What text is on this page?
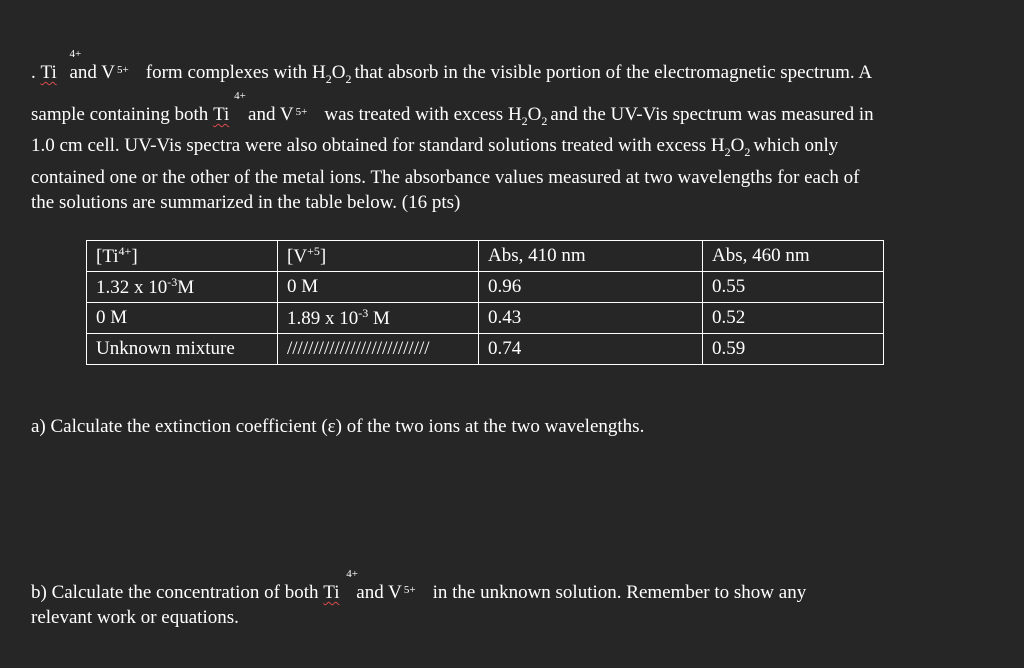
. Ti
4+
and V 5+ form complexes with $H_2O_2$ that absorb in the visible portion of the electromagnetic spectrum. A
sample containing both Ti
4+
and V 5+ was treated with excess $H_2O_2$ and the UV-Vis spectrum was measured in
1.0 cm cell. UV-Vis spectra were also obtained for standard solutions treated with excess $H_2O_2$ which only
contained one or the other of the metal ions. The absorbance values measured at two wavelengths for each of
the solutions are summarized in the table below. (16 pts)
$[Ti^{4+}]$	$[V^{+5}]$	Abs, 410 nm	Abs, 460 nm
1.32 x $10^{-3}M$	0 M	0.96	0.55
0 M	1.89 x $10^{-3}$ M	0.43	0.52
Unknown mixture	///////////////////////////	0.74	0.59
a) Calculate the extinction coefficient (ε) of the two ions at the two wavelengths.
b) Calculate the concentration of both Ti
4+
and V 5+ in the unknown solution. Remember to show any
relevant work or equations.
